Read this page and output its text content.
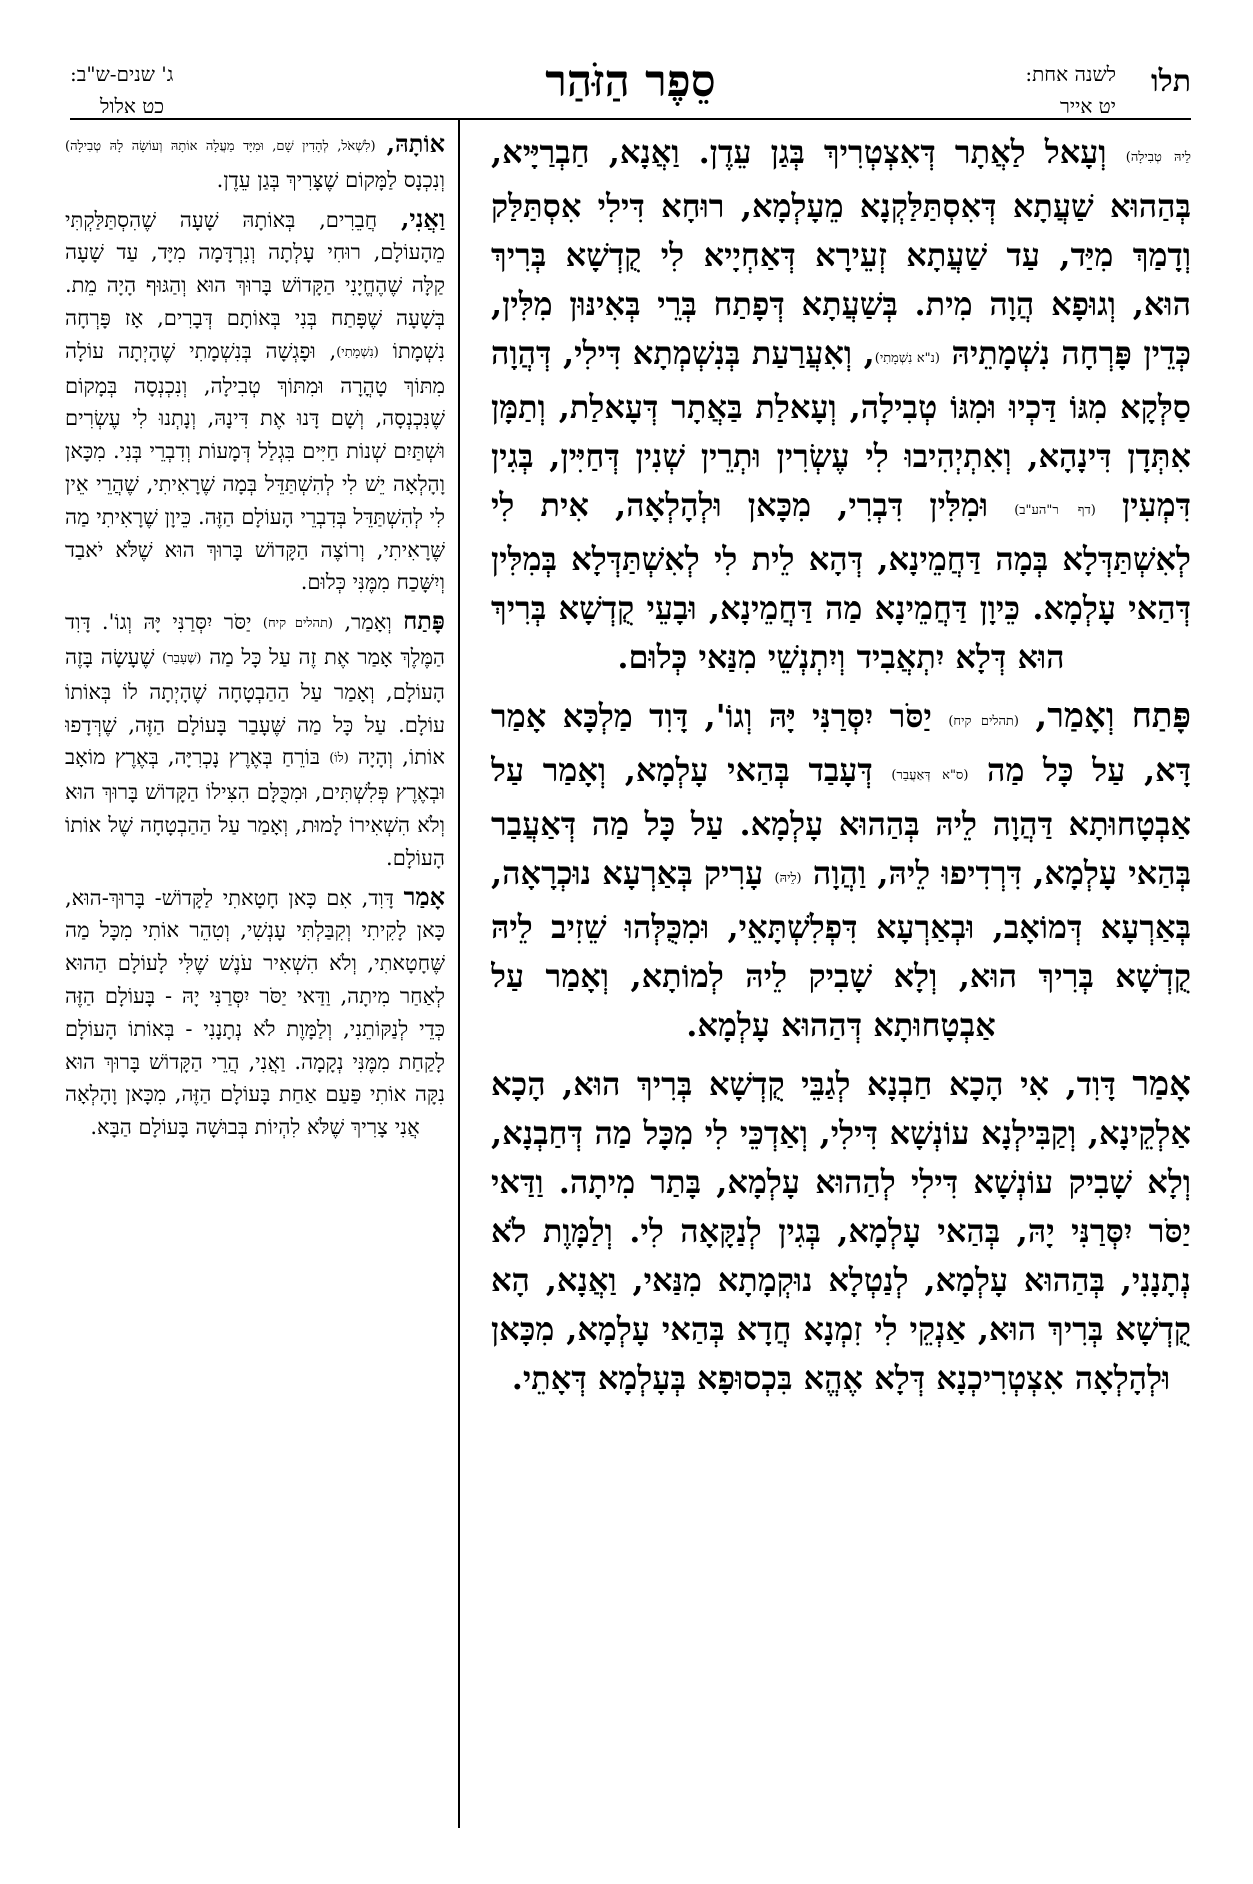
תלו
לשנה אחת:
יט אייר
סֵפֶר הַזֹּהַר
ג' שנים-ש"ב:
כט אלול

לֵיהּ טְבִילָה) וְעָאל לַאֲתָר דְּאִצְטְרִיךְ בְּגַן עֵדֶן. וַאֲנָא, חַבְרַיָּיא, בְּהַהוּא שַׁעֲתָא דְּאִסְתַּלַּקְנָא מֵעָלְמָא, רוּחָא דִּילִי אִסְתַּלַּק וְדָמַךְ מִיַּד, עַד שַׁעֲתָא זְעֵירָא דְּאַחְיָיא לִי קֻדְשָׁא בְּרִיךְ הוּא, וְגוּפָא הֲוָה מִית. בְּשַׁעֲתָא דְּפָתַח בְּרֵי בְּאִינּוּן מִלִּין, כְּדֵין פָּרְחָה נִשְׁמָתֵיהּ (נ"א נִשְׁמָתִי), וְאִעֲרַעַת בְּנִשְׁמְתָא דִּילִי, דְּהֲוָה סַלְּקָא מִגּוֹ דַּכְיוּ וּמִגּוֹ טְבִילָה, וְעָאלַת בַּאֲתָר דְּעָאלַת, וְתַמָּן אִתְּדָן דִּינָהָא, וְאִתְיְהִיבוּ לִי עֶשְׂרִין וּתְרֵין שְׁנִין דְּחַיִּין, בְּגִין דִּמְעִין (דף ר"הע"ב) וּמִלִּין דִּבְרִי, מִכָּאן וּלְהָלְאָה, אִית לִי לְאִשְׁתַּדְּלָא בְּמָה דַּחֲמֵינָא, דְּהָא לֵית לִי לְאִשְׁתַּדְּלָא בְּמִלִּין דְּהַאי עָלְמָא. כֵּיוָן דַּחֲמֵינָא מַה דַּחֲמֵינָא, וּבָעֵי קֻדְשָׁא בְּרִיךְ הוּא דְּלָא יִתְאֲבִיד וְיִתְנְשֵׁי מִנַּאי כְּלוּם.

פָּתַח וְאָמַר, (תהלים קיח) יַסֹּר יִסְּרַנִּי יָּהּ וְגוֹ', דָּוִד מַלְכָּא אָמַר דָּא, עַל כָּל מַה (ס"א דְּאַעֲבַר) דְּעָבַד בְּהַאי עָלְמָא, וְאָמַר עַל אַבְטָחוּתָא דַּהֲוָה לֵיהּ בְּהַהוּא עָלְמָא. עַל כָּל מַה דְּאַעֲבַר בְּהַאי עָלְמָא, דִּרְדִיפוּ לֵיהּ, וַהֲוָה (לֵיהּ) עָרִיק בְּאַרְעָא נוּכְרָאָה, בְּאַרְעָא דְּמוֹאָב, וּבְאַרְעָא דִּפְלִשְׁתָּאֵי, וּמִכֻּלְּהוּ שֵׁזִיב לֵיהּ קֻדְשָׁא בְּרִיךְ הוּא, וְלָא שָׁבִיק לֵיהּ לְמוֹתָא, וְאָמַר עַל אַבְטָחוּתָא דְּהַהוּא עָלְמָא.

אָמַר דָּוִד, אִי הָכָא חַבְנָא לְגַבֵּי קֻדְשָׁא בְּרִיךְ הוּא, הָכָא אַלְקֵינָא, וְקַבִּילְנָא עוֹנְשָׁא דִּילִי, וְאַדְכֵּי לִי מִכָּל מַה דְּחַבְנָא, וְלָא שָׁבִיק עוֹנְשָׁא דִּילִי לְהַהוּא עָלְמָא, בָּתַר מִיתָה. וַדַּאי יַסֹּר יִסְּרַנִּי יָהּ, בְּהַאי עָלְמָא, בְּגִין לְנַקָּאָה לִי. וְלַמָּוֶת לֹא נְתָנָנִי, בְּהַהוּא עָלְמָא, לְנַטְלָא נוּקְמָתָא מִנַּאי, וַאֲנָא, הָא קֻדְשָׁא בְּרִיךְ הוּא, אַנְקֵי לִי זִמְנָא חֲדָא בְּהַאי עָלְמָא, מִכָּאן וּלְהָלְאָה אִצְטְרִיכְנָא דְּלָא אֶהֱא בִּכְסוּפָא בְּעָלְמָא דְּאָתֵי.

אוֹתָהּ, (לִשְׁאֹל, לְהָדִין שָׁם, וּמִיָּד מַעֲלָה אוֹתָהּ וְעוֹשָׂה לָהּ טְבִילָה) וְנִכְנָס לַמָּקוֹם שֶׁצָּרִיךְ בְּגַן עֵדֶן.

וַאֲנִי, חֲבֵרִים, בְּאוֹתָהּ שָׁעָה שֶׁהִסְתַּלַּקְתִּי מֵהָעוֹלָם, רוּחִי עָלְתָה וְנִרְדָּמָה מִיָּד, עַד שָׁעָה קַלָּה שֶׁהֶחֱיָנִי הַקָּדוֹשׁ בָּרוּךְ הוּא וְהַגּוּף הָיָה מֵת. בְּשָׁעָה שֶׁפָּתַח בְּנִי בְּאוֹתָם דְּבָרִים, אָז פָּרְחָה נִשְׁמָתוֹ (נִשְׁמָתִי), וּפָגְשָׁה בְּנִשְׁמָתִי שֶׁהָיְתָה עוֹלָה מִתּוֹךְ טָהֳרָה וּמִתּוֹךְ טְבִילָה, וְנִכְנְסָה בְּמָקוֹם שֶׁנִּכְנְסָה, וְשָׁם דָּנוּ אֶת דִּינָהּ, וְנָתְנוּ לִי עֶשְׂרִים וּשְׁתַּיִם שְׁנוֹת חַיִּים בִּגְלַל דְּמָעוֹת וְדִבְרֵי בְּנִי. מִכָּאן וָהָלְאָה יֵשׁ לִי לְהִשְׁתַּדֵּל בְּמָה שֶׁרָאִיתִי, שֶׁהֲרֵי אֵין לִי לְהִשְׁתַּדֵּל בְּדִבְרֵי הָעוֹלָם הַזֶּה. כֵּיוָן שֶׁרָאִיתִי מַה שֶּׁרָאִיתִי, וְרוֹצֶה הַקָּדוֹשׁ בָּרוּךְ הוּא שֶׁלֹּא יֹאבַד וְיִשָּׁכַח מִמֶּנִּי כְּלוּם.

פָּתַח וְאָמַר, (תהלים קיח) יַסֹּר יִסְּרַנִּי יָּהּ וְגוֹ'. דָּוִד הַמֶּלֶךְ אָמַר אֶת זֶה עַל כָּל מַה (שֶׁעָבַר) שֶׁעָשָׂה בָּזֶה הָעוֹלָם, וְאָמַר עַל הַהַבְטָחָה שֶׁהָיְתָה לוֹ בְּאוֹתוֹ עוֹלָם. עַל כָּל מַה שֶּׁעָבַר בָּעוֹלָם הַזֶּה, שֶׁרְּדָפוּ אוֹתוֹ, וְהָיָה (לוֹ) בּוֹרֵחַ בְּאֶרֶץ נָכְרִיָּה, בְּאֶרֶץ מוֹאָב וּבְאֶרֶץ פְּלִשְׁתִּים, וּמִכֻּלָּם הִצִּילוֹ הַקָּדוֹשׁ בָּרוּךְ הוּא וְלֹא הִשְׁאִירוֹ לָמוּת, וְאָמַר עַל הַהַבְטָחָה שֶׁל אוֹתוֹ הָעוֹלָם.

אָמַר דָּוִד, אִם כָּאן חָטָאתִי לַקָּדוֹשׁ- בָּרוּךְ-הוּא, כָּאן לָקִיתִי וְקִבַּלְתִּי עָנְשִׁי, וְטִהֵר אוֹתִי מִכָּל מַה שֶּׁחָטָאתִי, וְלֹא הִשְׁאִיר עֹנֶשׁ שֶׁלִּי לָעוֹלָם הַהוּא לְאַחַר מִיתָה, וַדַּאי יַסֹּר יִסְּרַנִּי יָהּ - בָּעוֹלָם הַזֶּה כְּדֵי לְנַקּוֹתֵנִי, וְלַמָּוֶת לֹא נְתָנָנִי - בְּאוֹתוֹ הָעוֹלָם לָקַחַת מִמֶּנִּי נְקָמָה. וַאֲנִי, הֲרֵי הַקָּדוֹשׁ בָּרוּךְ הוּא נִקָּה אוֹתִי פַּעַם אַחַת בָּעוֹלָם הַזֶּה, מִכָּאן וָהָלְאָה אֲנִי צָרִיךְ שֶׁלֹּא לִהְיוֹת בְּבוּשָׁה בָּעוֹלָם הַבָּא.
